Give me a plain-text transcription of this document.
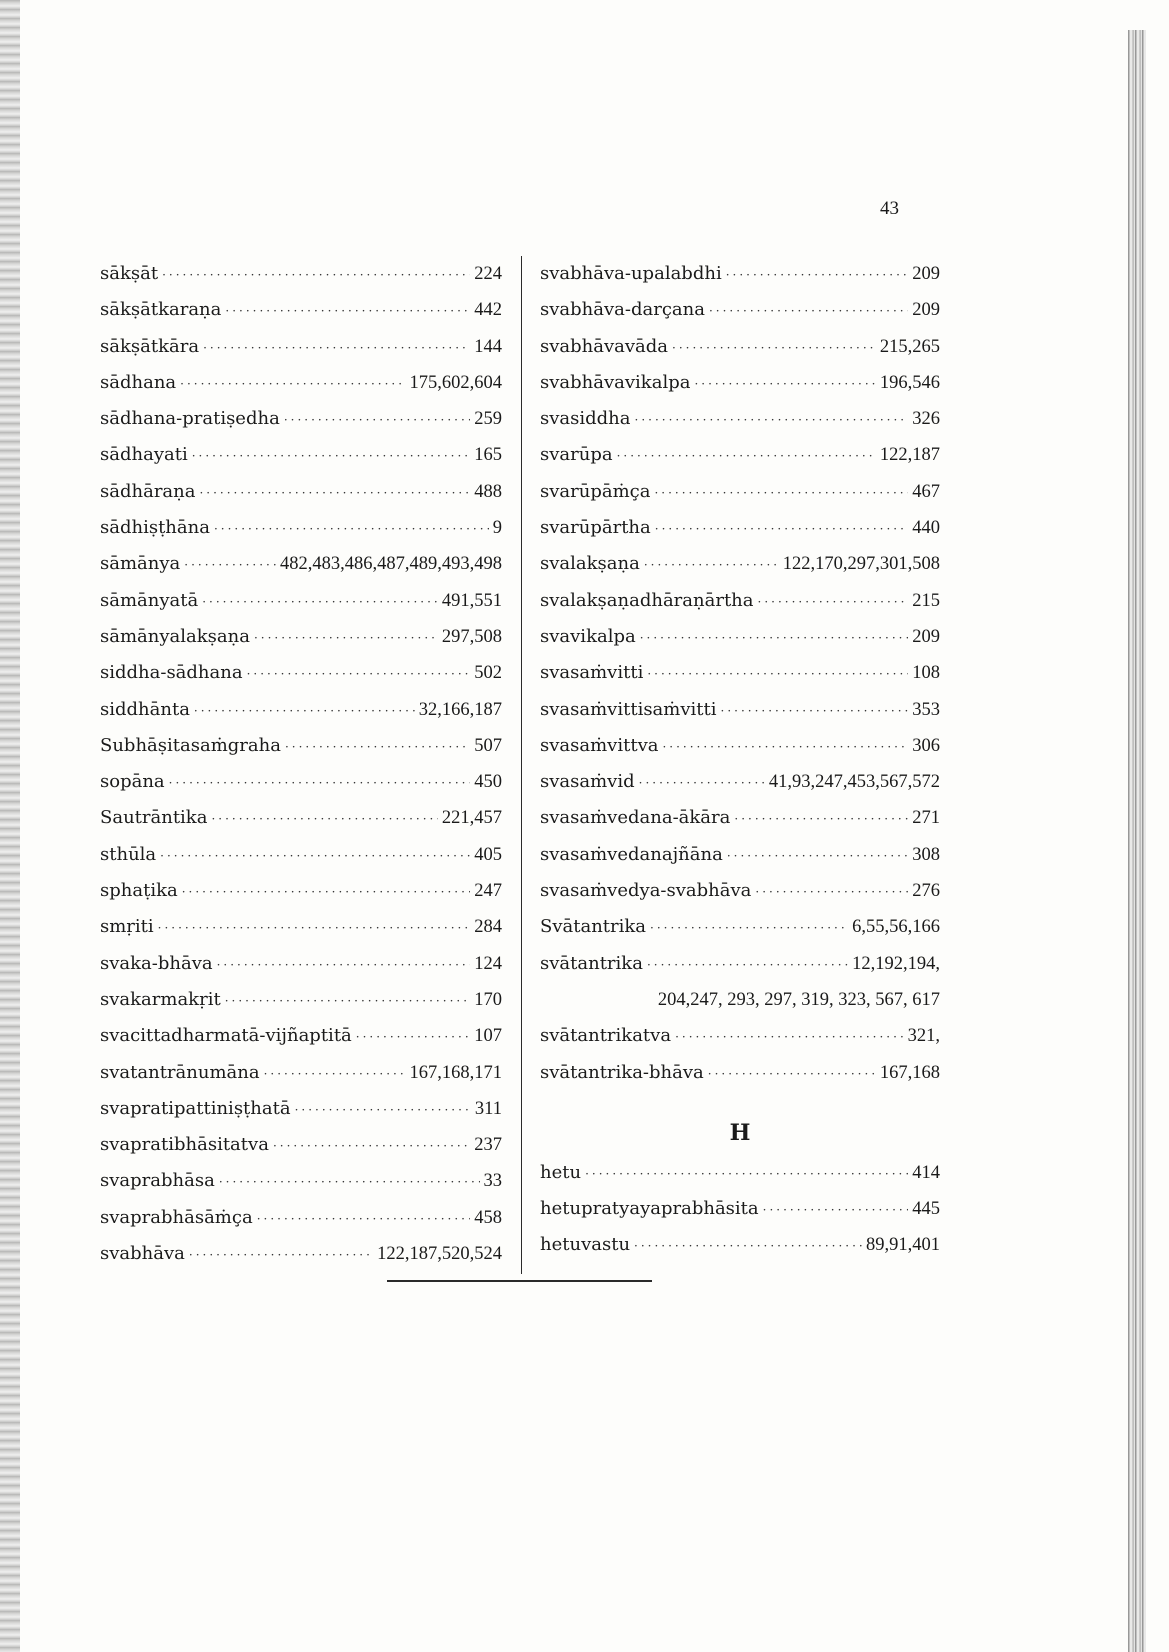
43
sākṣāt ·····	224
sākṣātkaraṇa ·····	442
sākṣātkāra ·····	144
sādhana ·····	175,602,604
sādhana-pratiṣedha ·····	259
sādhayati ·····	165
sādhāraṇa ·····	488
sādhiṣṭhāna ·····	9
sāmānya ·····	482,483,486,487,489,493,498
sāmānyatā ·····	491,551
sāmānyalakṣaṇa ·····	297,508
siddha-sādhana ·····	502
siddhānta ·····	32,166,187
Subhāṣitasaṁgraha ·····	507
sopāna ·····	450
Sautrāntika ·····	221,457
sthūla ·····	405
sphaṭika ·····	247
smṛiti ·····	284
svaka-bhāva ·····	124
svakarmakṛit ·····	170
svacittadharmatā-vijñaptitā ·····	107
svatantrānumāna ·····	167,168,171
svapratipattiniṣṭhatā ·····	311
svapratibhāsitatva ·····	237
svaprabhāsa ·····	33
svaprabhāsāṁça ·····	458
svabhāva ·····	122,187,520,524
svabhāva-upalabdhi ·····	209
svabhāva-darçana ·····	209
svabhāvavāda ·····	215,265
svabhāvavikalpa ·····	196,546
svasiddha ·····	326
svarūpa ·····	122,187
svarūpāṁça ·····	467
svarūpārtha ·····	440
svalakṣaṇa ·····	122,170,297,301,508
svalakṣaṇadhāraṇārtha ·····	215
svavikalpa ·····	209
svasaṁvitti ·····	108
svasaṁvittisaṁvitti ·····	353
svasaṁvittva ·····	306
svasaṁvid ·····	41,93,247,453,567,572
svasaṁvedana-ākāra ·····	271
svasaṁvedanajñāna ·····	308
svasaṁvedya-svabhāva ·····	276
Svātantrika ·····	6,55,56,166
svātantrika ·····	12,192,194,
204,247, 293, 297, 319, 323, 567, 617
svātantrikatva ·····	321,
svātantrika-bhāva ·····	167,168
H
hetu ·····	414
hetupratyayaprabhāsita ·····	445
hetuvastu ·····	89,91,401
